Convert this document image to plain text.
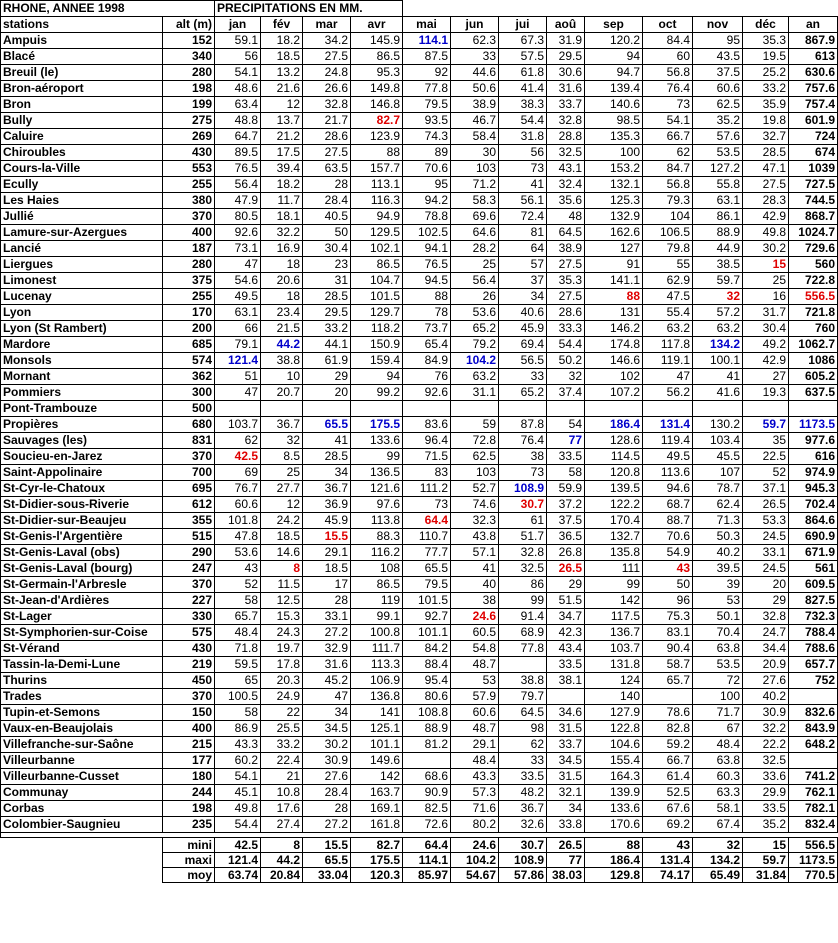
RHONE, ANNEE 1998		PRECIPITATIONS EN MM.												
stations	alt (m)	jan	fév	mar	avr	mai	jun	jui	aoû	sep	oct	nov	déc	an
Ampuis	152	59.1	18.2	34.2	145.9	114.1	62.3	67.3	31.9	120.2	84.4	95	35.3	867.9
Blacé	340	56	18.5	27.5	86.5	87.5	33	57.5	29.5	94	60	43.5	19.5	613
Breuil (le)	280	54.1	13.2	24.8	95.3	92	44.6	61.8	30.6	94.7	56.8	37.5	25.2	630.6
Bron-aéroport	198	48.6	21.6	26.6	149.8	77.8	50.6	41.4	31.6	139.4	76.4	60.6	33.2	757.6
Bron	199	63.4	12	32.8	146.8	79.5	38.9	38.3	33.7	140.6	73	62.5	35.9	757.4
Bully	275	48.8	13.7	21.7	82.7	93.5	46.7	54.4	32.8	98.5	54.1	35.2	19.8	601.9
Caluire	269	64.7	21.2	28.6	123.9	74.3	58.4	31.8	28.8	135.3	66.7	57.6	32.7	724
Chiroubles	430	89.5	17.5	27.5	88	89	30	56	32.5	100	62	53.5	28.5	674
Cours-la-Ville	553	76.5	39.4	63.5	157.7	70.6	103	73	43.1	153.2	84.7	127.2	47.1	1039
Ecully	255	56.4	18.2	28	113.1	95	71.2	41	32.4	132.1	56.8	55.8	27.5	727.5
Les Haies	380	47.9	11.7	28.4	116.3	94.2	58.3	56.1	35.6	125.3	79.3	63.1	28.3	744.5
Jullié	370	80.5	18.1	40.5	94.9	78.8	69.6	72.4	48	132.9	104	86.1	42.9	868.7
Lamure-sur-Azergues	400	92.6	32.2	50	129.5	102.5	64.6	81	64.5	162.6	106.5	88.9	49.8	1024.7
Lancié	187	73.1	16.9	30.4	102.1	94.1	28.2	64	38.9	127	79.8	44.9	30.2	729.6
Liergues	280	47	18	23	86.5	76.5	25	57	27.5	91	55	38.5	15	560
Limonest	375	54.6	20.6	31	104.7	94.5	56.4	37	35.3	141.1	62.9	59.7	25	722.8
Lucenay	255	49.5	18	28.5	101.5	88	26	34	27.5	88	47.5	32	16	556.5
Lyon	170	63.1	23.4	29.5	129.7	78	53.6	40.6	28.6	131	55.4	57.2	31.7	721.8
Lyon (St Rambert)	200	66	21.5	33.2	118.2	73.7	65.2	45.9	33.3	146.2	63.2	63.2	30.4	760
Mardore	685	79.1	44.2	44.1	150.9	65.4	79.2	69.4	54.4	174.8	117.8	134.2	49.2	1062.7
Monsols	574	121.4	38.8	61.9	159.4	84.9	104.2	56.5	50.2	146.6	119.1	100.1	42.9	1086
Mornant	362	51	10	29	94	76	63.2	33	32	102	47	41	27	605.2
Pommiers	300	47	20.7	20	99.2	92.6	31.1	65.2	37.4	107.2	56.2	41.6	19.3	637.5
Pont-Trambouze	500													
Propières	680	103.7	36.7	65.5	175.5	83.6	59	87.8	54	186.4	131.4	130.2	59.7	1173.5
Sauvages (les)	831	62	32	41	133.6	96.4	72.8	76.4	77	128.6	119.4	103.4	35	977.6
Soucieu-en-Jarez	370	42.5	8.5	28.5	99	71.5	62.5	38	33.5	114.5	49.5	45.5	22.5	616
Saint-Appolinaire	700	69	25	34	136.5	83	103	73	58	120.8	113.6	107	52	974.9
St-Cyr-le-Chatoux	695	76.7	27.7	36.7	121.6	111.2	52.7	108.9	59.9	139.5	94.6	78.7	37.1	945.3
St-Didier-sous-Riverie	612	60.6	12	36.9	97.6	73	74.6	30.7	37.2	122.2	68.7	62.4	26.5	702.4
St-Didier-sur-Beaujeu	355	101.8	24.2	45.9	113.8	64.4	32.3	61	37.5	170.4	88.7	71.3	53.3	864.6
St-Genis-l'Argentière	515	47.8	18.5	15.5	88.3	110.7	43.8	51.7	36.5	132.7	70.6	50.3	24.5	690.9
St-Genis-Laval (obs)	290	53.6	14.6	29.1	116.2	77.7	57.1	32.8	26.8	135.8	54.9	40.2	33.1	671.9
St-Genis-Laval (bourg)	247	43	8	18.5	108	65.5	41	32.5	26.5	111	43	39.5	24.5	561
St-Germain-l'Arbresle	370	52	11.5	17	86.5	79.5	40	86	29	99	50	39	20	609.5
St-Jean-d'Ardières	227	58	12.5	28	119	101.5	38	99	51.5	142	96	53	29	827.5
St-Lager	330	65.7	15.3	33.1	99.1	92.7	24.6	91.4	34.7	117.5	75.3	50.1	32.8	732.3
St-Symphorien-sur-Coise	575	48.4	24.3	27.2	100.8	101.1	60.5	68.9	42.3	136.7	83.1	70.4	24.7	788.4
St-Vérand	430	71.8	19.7	32.9	111.7	84.2	54.8	77.8	43.4	103.7	90.4	63.8	34.4	788.6
Tassin-la-Demi-Lune	219	59.5	17.8	31.6	113.3	88.4	48.7		33.5	131.8	58.7	53.5	20.9	657.7
Thurins	450	65	20.3	45.2	106.9	95.4	53	38.8	38.1	124	65.7	72	27.6	752
Trades	370	100.5	24.9	47	136.8	80.6	57.9	79.7		140		100	40.2	
Tupin-et-Semons	150	58	22	34	141	108.8	60.6	64.5	34.6	127.9	78.6	71.7	30.9	832.6
Vaux-en-Beaujolais	400	86.9	25.5	34.5	125.1	88.9	48.7	98	31.5	122.8	82.8	67	32.2	843.9
Villefranche-sur-Saône	215	43.3	33.2	30.2	101.1	81.2	29.1	62	33.7	104.6	59.2	48.4	22.2	648.2
Villeurbanne	177	60.2	22.4	30.9	149.6		48.4	33	34.5	155.4	66.7	63.8	32.5	
Villeurbanne-Cusset	180	54.1	21	27.6	142	68.6	43.3	33.5	31.5	164.3	61.4	60.3	33.6	741.2
Communay	244	45.1	10.8	28.4	163.7	90.9	57.3	48.2	32.1	139.9	52.5	63.3	29.9	762.1
Corbas	198	49.8	17.6	28	169.1	82.5	71.6	36.7	34	133.6	67.6	58.1	33.5	782.1
Colombier-Saugnieu	235	54.4	27.4	27.2	161.8	72.6	80.2	32.6	33.8	170.6	69.2	67.4	35.2	832.4

	mini	42.5	8	15.5	82.7	64.4	24.6	30.7	26.5	88	43	32	15	556.5
	maxi	121.4	44.2	65.5	175.5	114.1	104.2	108.9	77	186.4	131.4	134.2	59.7	1173.5
	moy	63.74	20.84	33.04	120.3	85.97	54.67	57.86	38.03	129.8	74.17	65.49	31.84	770.5
